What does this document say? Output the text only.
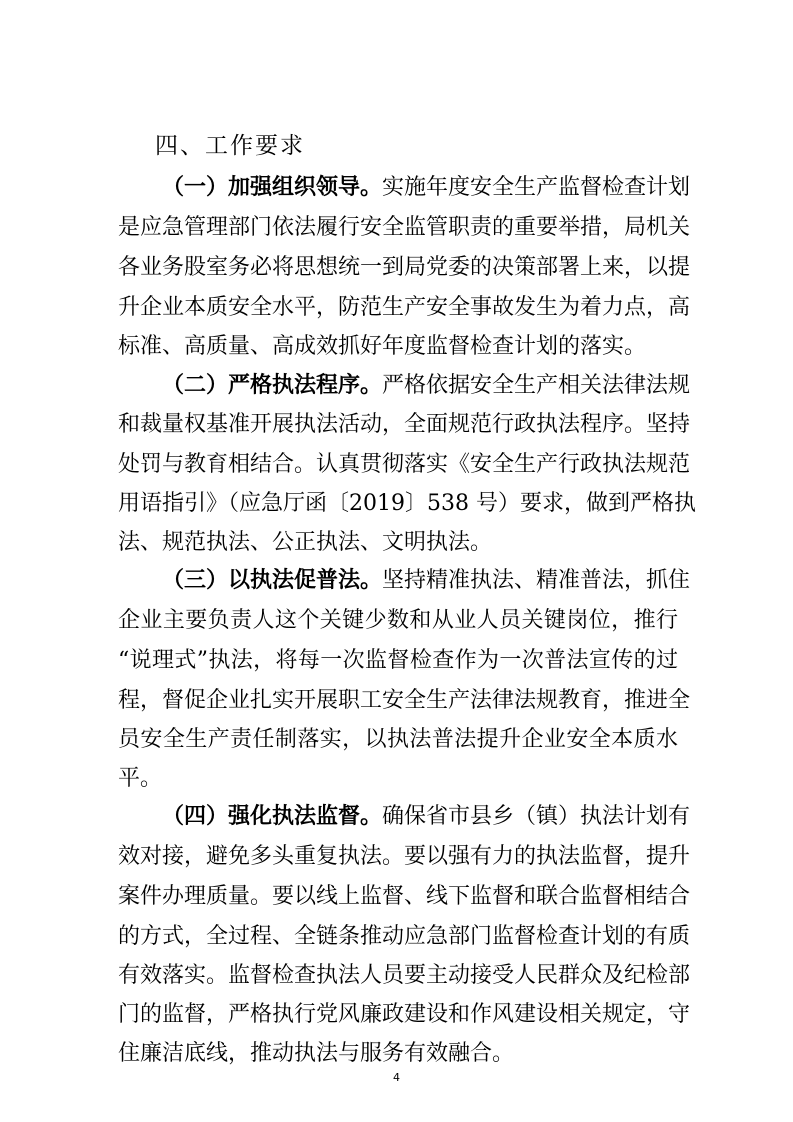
四、工作要求
（一）加强组织领导。实施年度安全生产监督检查计划
是应急管理部门依法履行安全监管职责的重要举措，局机关
各业务股室务必将思想统一到局党委的决策部署上来，以提
升企业本质安全水平，防范生产安全事故发生为着力点，高
标准、高质量、高成效抓好年度监督检查计划的落实。
（二）严格执法程序。严格依据安全生产相关法律法规
和裁量权基准开展执法活动，全面规范行政执法程序。坚持
处罚与教育相结合。认真贯彻落实《安全生产行政执法规范
用语指引》（应急厅函〔2019〕538 号）要求，做到严格执
法、规范执法、公正执法、文明执法。
（三）以执法促普法。坚持精准执法、精准普法，抓住
企业主要负责人这个关键少数和从业人员关键岗位，推行
“说理式”执法，将每一次监督检查作为一次普法宣传的过
程，督促企业扎实开展职工安全生产法律法规教育，推进全
员安全生产责任制落实，以执法普法提升企业安全本质水
平。
（四）强化执法监督。确保省市县乡（镇）执法计划有
效对接，避免多头重复执法。要以强有力的执法监督，提升
案件办理质量。要以线上监督、线下监督和联合监督相结合
的方式，全过程、全链条推动应急部门监督检查计划的有质
有效落实。监督检查执法人员要主动接受人民群众及纪检部
门的监督，严格执行党风廉政建设和作风建设相关规定，守
住廉洁底线，推动执法与服务有效融合。
4
